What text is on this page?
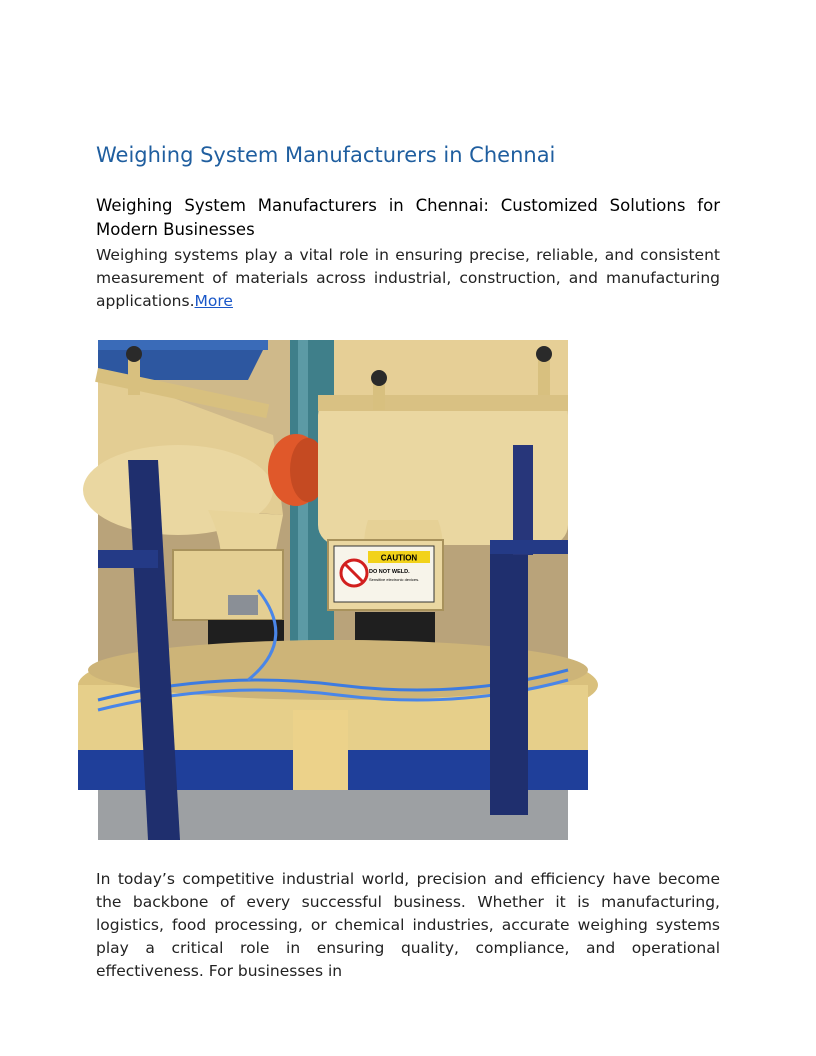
Weighing System Manufacturers in Chennai

Weighing System Manufacturers in Chennai: Customized Solutions for Modern Businesses

Weighing systems play a vital role in ensuring precise, reliable, and consistent measurement of materials across industrial, construction, and manufacturing applications.More

CAUTION
DO NOT WELD.
Sensitive electronic devices.

In today’s competitive industrial world, precision and efficiency have become the backbone of every successful business. Whether it is manufacturing, logistics, food processing, or chemical industries, accurate weighing systems play a critical role in ensuring quality, compliance, and operational effectiveness. For businesses in
